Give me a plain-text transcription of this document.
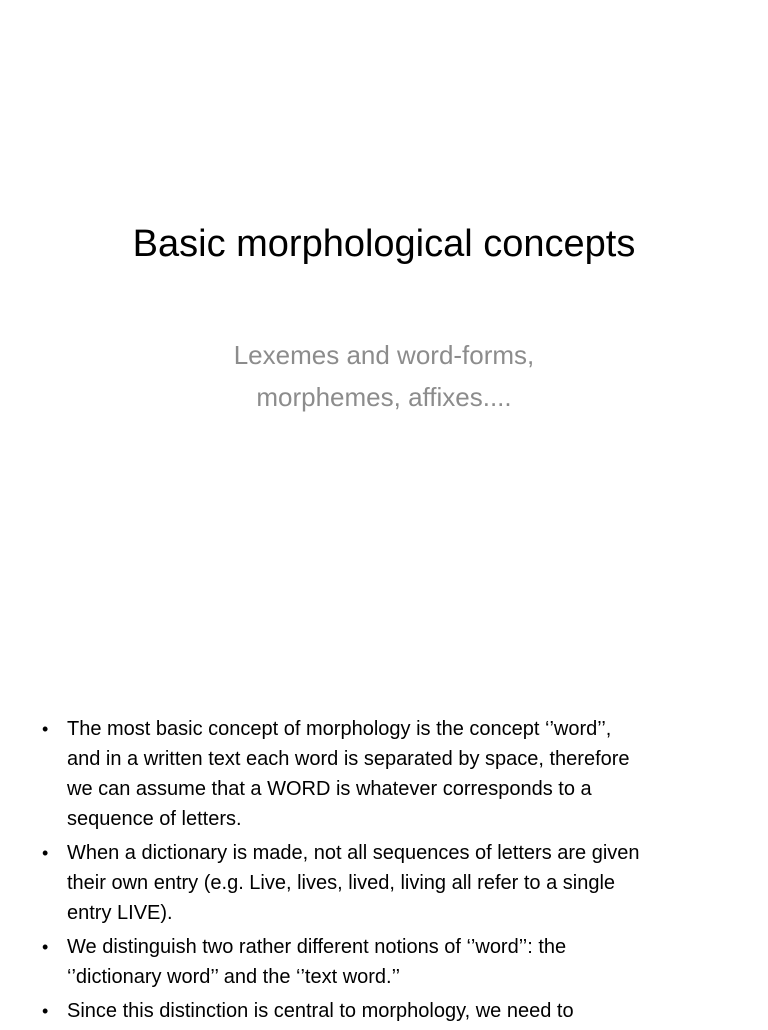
Basic morphological concepts
Lexemes and word-forms,
morphemes, affixes....
• The most basic concept of morphology is the concept ‘’word’’,
and in a written text each word is separated by space, therefore
we can assume that a WORD is whatever corresponds to a
sequence of letters.
• When a dictionary is made, not all sequences of letters are given
their own entry (e.g. Live, lives, lived, living all refer to a single
entry LIVE).
• We distinguish two rather different notions of ‘’word’’: the
‘’dictionary word’’ and the ‘’text word.’’
• Since this distinction is central to morphology, we need to
